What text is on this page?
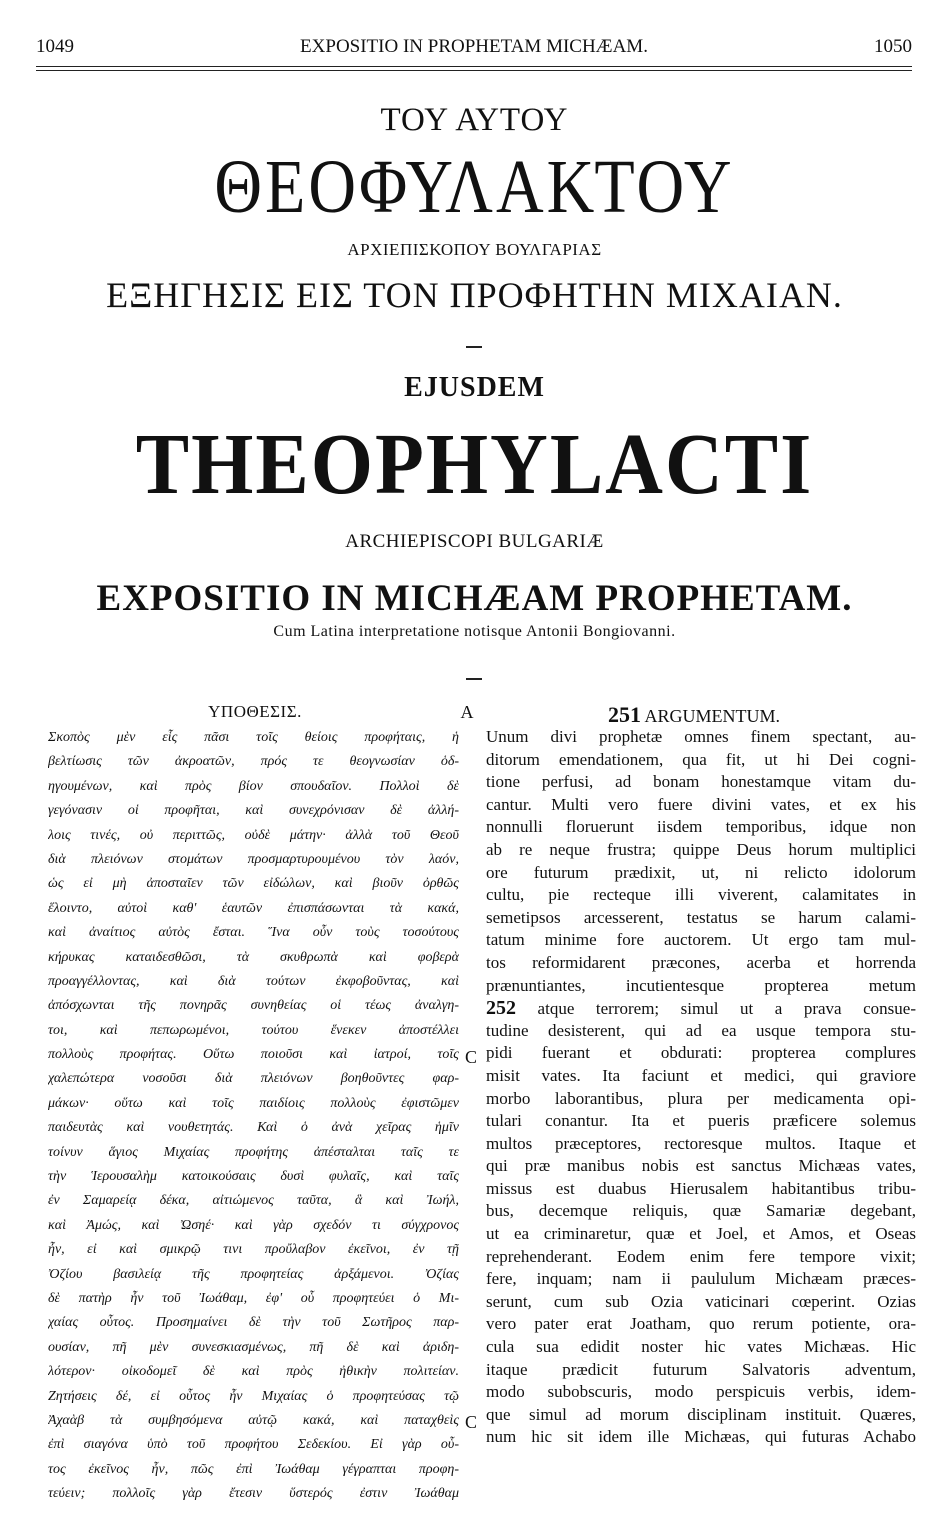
1049	EXPOSITIO IN PROPHETAM MICHÆAM.	1050
ΤΟΥ ΑΥΤΟΥ
ΘΕΟΦΥΛΑΚΤΟΥ
ΑΡΧΙΕΠΙΣΚΟΠΟΥ ΒΟΥΛΓΑΡΙΑΣ
ΕΞΗΓΗΣΙΣ ΕΙΣ ΤΟΝ ΠΡΟΦΗΤΗΝ ΜΙΧΑΙΑΝ.
EJUSDEM
THEOPHYLACTI
ARCHIEPISCOPI BULGARIÆ
EXPOSITIO IN MICHÆAM PROPHETAM.
Cum Latina interpretatione notisque Antonii Bongiovanni.
ΥΠΟΘΕΣΙΣ.	A	251 ARGUMENTUM.
C
C
Σκοπὸς μὲν εἷς πᾶσι τοῖς θείοις προφήταις, ἡ
βελτίωσις τῶν ἀκροατῶν, πρός τε θεογνωσίαν ὁδ-
ηγουμένων, καὶ πρὸς βίον σπουδαῖον. Πολλοὶ δὲ
γεγόνασιν οἱ προφῆται, καὶ συνεχρόνισαν δὲ ἀλλή-
λοις τινές, οὐ περιττῶς, οὐδὲ μάτην· ἀλλὰ τοῦ Θεοῦ
διὰ πλειόνων στομάτων προσμαρτυρουμένου τὸν λαόν,
ὡς εἰ μὴ ἀποσταῖεν τῶν εἰδώλων, καὶ βιοῦν ὀρθῶς
ἕλοιντο, αὐτοὶ καθ' ἑαυτῶν ἐπισπάσωνται τὰ κακά,
καὶ ἀναίτιος αὐτὸς ἔσται. Ἵνα οὖν τοὺς τοσούτους
κήρυκας καταιδεσθῶσι, τὰ σκυθρωπὰ καὶ φοβερὰ
προαγγέλλοντας, καὶ διὰ τούτων ἐκφοβοῦντας, καὶ
ἀπόσχωνται τῆς πονηρᾶς συνηθείας οἱ τέως ἀναλγη-
τοι, καὶ πεπωρωμένοι, τούτου ἕνεκεν ἀποστέλλει
πολλοὺς προφήτας. Οὕτω ποιοῦσι καὶ ἰατροί, τοῖς
χαλεπώτερα νοσοῦσι διὰ πλειόνων βοηθοῦντες φαρ-
μάκων· οὕτω καὶ τοῖς παιδίοις πολλοὺς ἐφιστῶμεν
παιδευτὰς καὶ νουθετητάς. Καὶ ὁ ἀνὰ χεῖρας ἡμῖν
τοίνυν ἅγιος Μιχαίας προφήτης ἀπέσταλται ταῖς τε
τὴν Ἱερουσαλὴμ κατοικούσαις δυσὶ φυλαῖς, καὶ ταῖς
ἐν Σαμαρείᾳ δέκα, αἰτιώμενος ταῦτα, ἃ καὶ Ἰωήλ,
καὶ Ἀμώς, καὶ Ὠσηέ· καὶ γὰρ σχεδόν τι σύγχρονος
ἦν, εἰ καὶ σμικρῷ τινι προὔλαβον ἐκεῖνοι, ἐν τῇ
Ὀζίου βασιλείᾳ τῆς προφητείας ἀρξάμενοι. Ὀζίας
δὲ πατὴρ ἦν τοῦ Ἰωάθαμ, ἐφ' οὗ προφητεύει ὁ Μι-
χαίας οὗτος. Προσημαίνει δὲ τὴν τοῦ Σωτῆρος παρ-
ουσίαν, πῆ μὲν συνεσκιασμένως, πῆ δὲ καὶ ἀριδη-
λότερον· οἰκοδομεῖ δὲ καὶ πρὸς ἠθικὴν πολιτείαν.
Ζητήσεις δέ, εἰ οὗτος ἦν Μιχαίας ὁ προφητεύσας τῷ
Ἀχαὰβ τὰ συμβησόμενα αὐτῷ κακά, καὶ παταχθεὶς
ἐπὶ σιαγόνα ὑπὸ τοῦ προφήτου Σεδεκίου. Εἰ γὰρ οὗ-
τος ἐκεῖνος ἦν, πῶς ἐπὶ Ἰωάθαμ γέγραπται προφη-
τεύειν; πολλοῖς γὰρ ἔτεσιν ὕστερός ἐστιν Ἰωάθαμ
Unum divi prophetæ omnes finem spectant, au-
ditorum emendationem, qua fit, ut hi Dei cogni-
tione perfusi, ad bonam honestamque vitam du-
cantur. Multi vero fuere divini vates, et ex his
nonnulli floruerunt iisdem temporibus, idque non
ab re neque frustra; quippe Deus horum multiplici
ore futurum prædixit, ut, ni relicto idolorum
cultu, pie recteque illi viverent, calamitates in
semetipsos arcesserent, testatus se harum calami-
tatum minime fore auctorem. Ut ergo tam mul-
tos reformidarent præcones, acerba et horrenda
prænuntiantes, incutientesque propterea metum
252 atque terrorem; simul ut a prava consue-
tudine desisterent, qui ad ea usque tempora stu-
pidi fuerant et obdurati: propterea complures
misit vates. Ita faciunt et medici, qui graviore
morbo laborantibus, plura per medicamenta opi-
tulari conantur. Ita et pueris præficere solemus
multos præceptores, rectoresque multos. Itaque et
qui præ manibus nobis est sanctus Michæas vates,
missus est duabus Hierusalem habitantibus tribu-
bus, decemque reliquis, quæ Samariæ degebant,
ut ea criminaretur, quæ et Joel, et Amos, et Oseas
reprehenderant. Eodem enim fere tempore vixit;
fere, inquam; nam ii paululum Michæam præces-
serunt, cum sub Ozia vaticinari cœperint. Ozias
vero pater erat Joatham, quo rerum potiente, ora-
cula sua edidit noster hic vates Michæas. Hic
itaque prædicit futurum Salvatoris adventum,
modo subobscuris, modo perspicuis verbis, idem-
que simul ad morum disciplinam instituit. Quæres,
num hic sit idem ille Michæas, qui futuras Achabo
